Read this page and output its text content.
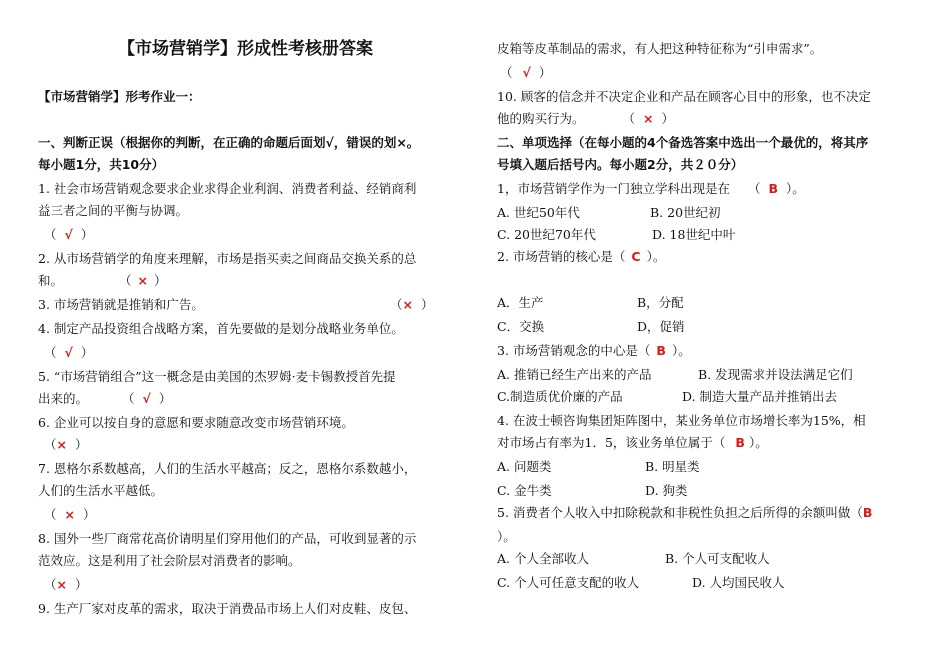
【市场营销学】形成性考核册答案
【市场营销学】形考作业一：
一、判断正误（根据你的判断，在正确的命题后面划√，错误的划×。
每小题1分，共10分）
1. 社会市场营销观念要求企业求得企业利润、消费者利益、经销商利
益三者之间的平衡与协调。
（ √ ）
2. 从市场营销学的角度来理解，市场是指买卖之间商品交换关系的总
和。	（ × ）
3. 市场营销就是推销和广告。	（× ）
4. 制定产品投资组合战略方案，首先要做的是划分战略业务单位。
（ √ ）
5. “市场营销组合”这一概念是由美国的杰罗姆·麦卡锡教授首先提
出来的。	（ √ ）
6. 企业可以按自身的意愿和要求随意改变市场营销环境。
（× ）
7. 恩格尔系数越高，人们的生活水平越高；反之，恩格尔系数越小，
人们的生活水平越低。
（ × ）
8. 国外一些厂商常花高价请明星们穿用他们的产品，可收到显著的示
范效应。这是利用了社会阶层对消费者的影响。
（× ）
9. 生产厂家对皮革的需求，取决于消费品市场上人们对皮鞋、皮包、
皮箱等皮革制品的需求，有人把这种特征称为“引申需求”。
（ √ ）
10. 顾客的信念并不决定企业和产品在顾客心目中的形象，也不决定
他的购买行为。	（ × ）
二、单项选择（在每小题的4个备选答案中选出一个最优的，将其序
号填入题后括号内。每小题2分，共２０分）
1，市场营销学作为一门独立学科出现是在 （ B ）。
A. 世纪50年代	B. 20世纪初
C. 20世纪70年代	D. 18世纪中叶
2. 市场营销的核心是（ C ）。
A．生产	B，分配
C．交换	D，促销
3. 市场营销观念的中心是（ B ）。
A. 推销已经生产出来的产品	B. 发现需求并设法满足它们
C.制造质优价廉的产品	D. 制造大量产品并推销出去
4. 在波士顿咨询集团矩阵图中，某业务单位市场增长率为15%，相
对市场占有率为1．5，该业务单位属于（ B ）。
A. 问题类	B. 明星类
C. 金牛类	D. 狗类
5. 消费者个人收入中扣除税款和非税性负担之后所得的余额叫做（B
）。
A. 个人全部收人	B. 个人可支配收人
C. 个人可任意支配的收人	D. 人均国民收人
